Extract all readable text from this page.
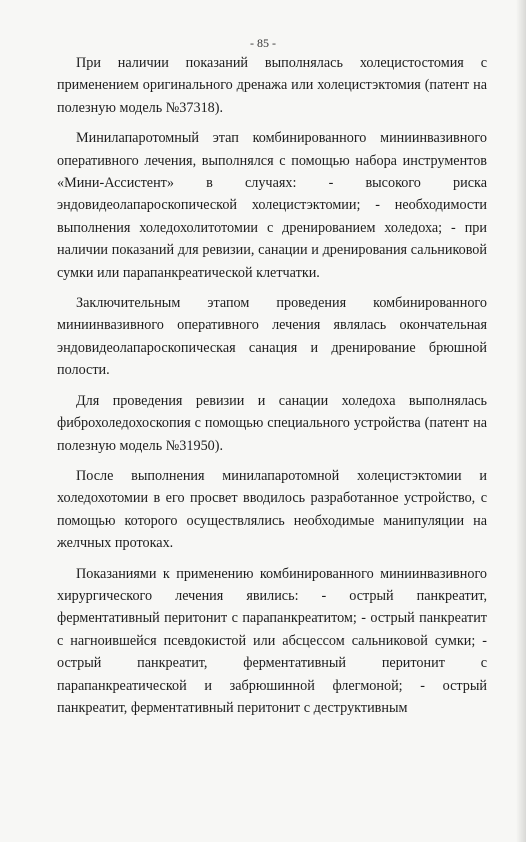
- 85 -

При наличии показаний выполнялась холецистостомия с применением оригинального дренажа или холецистэктомия (патент на полезную модель №37318).

Минилапаротомный этап комбинированного миниинвазивного оперативного лечения, выполнялся с помощью набора инструментов «Мини-Ассистент» в случаях: - высокого риска эндовидеолапароскопической холецистэктомии; - необходимости выполнения холедохолитотомии с дренированием холедоха; - при наличии показаний для ревизии, санации и дренирования сальниковой сумки или парапанкреатической клетчатки.

Заключительным этапом проведения комбинированного миниинвазивного оперативного лечения являлась окончательная эндовидеолапароскопическая санация и дренирование брюшной полости.

Для проведения ревизии и санации холедоха выполнялась фиброхоледохоскопия с помощью специального устройства (патент на полезную модель №31950).

После выполнения минилапаротомной холецистэктомии и холедохотомии в его просвет вводилось разработанное устройство, с помощью которого осуществлялись необходимые манипуляции на желчных протоках.

Показаниями к применению комбинированного миниинвазивного хирургического лечения явились: - острый панкреатит, ферментативный перитонит с парапанкреатитом; - острый панкреатит с нагноившейся псевдокистой или абсцессом сальниковой сумки; - острый панкреатит, ферментативный перитонит с парапанкреатической и забрюшинной флегмоной; - острый панкреатит, ферментативный перитонит с деструктивным
